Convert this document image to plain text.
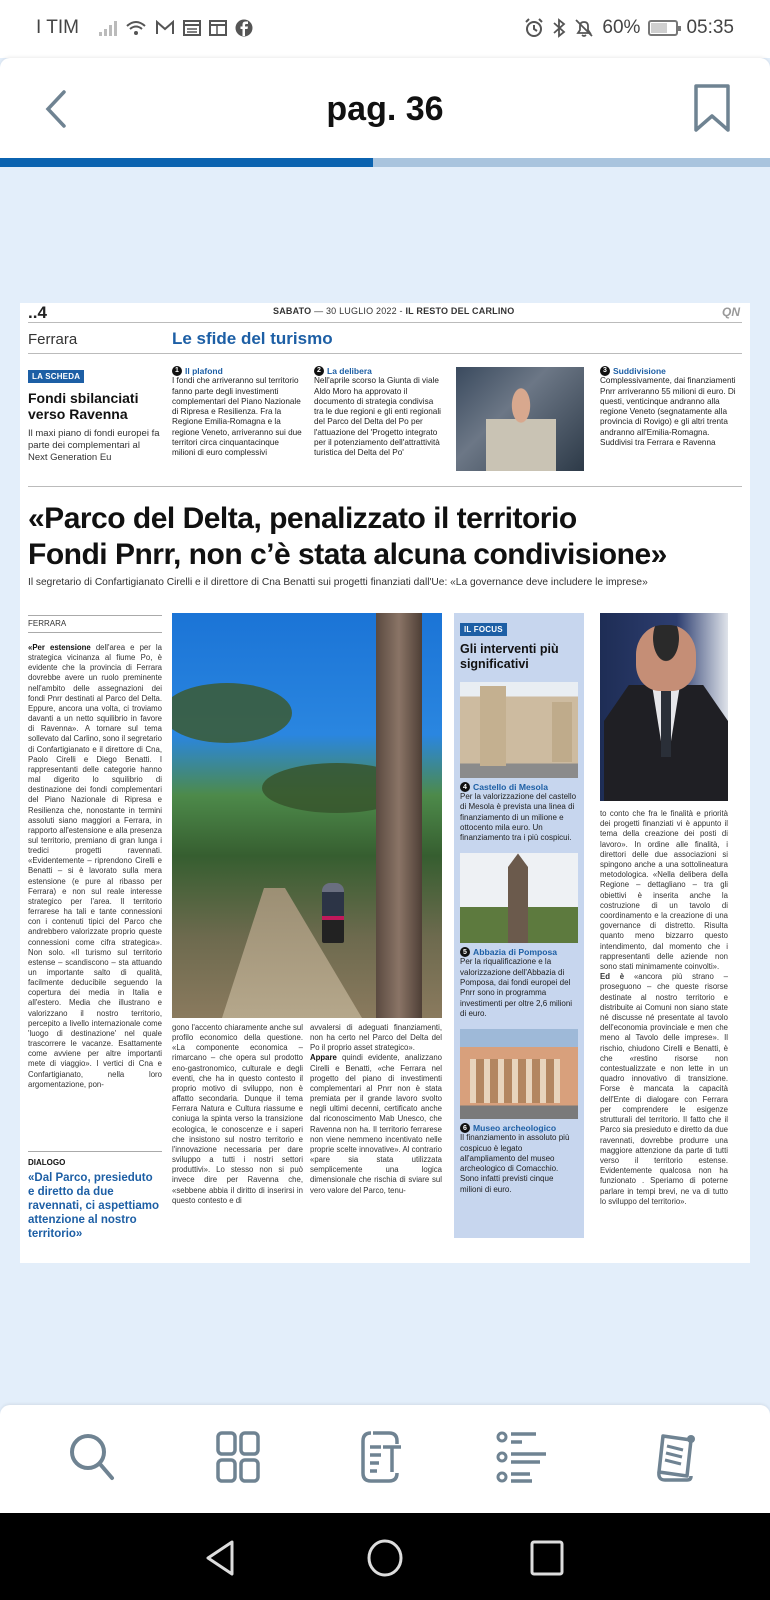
I TIM	60% 05:35
pag. 36
..4	SABATO — 30 LUGLIO 2022 - IL RESTO DEL CARLINO	QN
Ferrara	Le sfide del turismo
LA SCHEDA
Fondi sbilanciati verso Ravenna

Il maxi piano di fondi europei fa parte dei complementari al Next Generation Eu

1 Il plafond
I fondi che arriveranno sul territorio fanno parte degli investimenti complementari del Piano Nazionale di Ripresa e Resilienza. Fra la Regione Emilia-Romagna e la regione Veneto, arriveranno sui due territori circa cinquantacinque milioni di euro complessivi
2 La delibera
Nell'aprile scorso la Giunta di viale Aldo Moro ha approvato il documento di strategia condivisa tra le due regioni e gli enti regionali del Parco del Delta del Po per l'attuazione del 'Progetto integrato per il potenziamento dell'attrattività turistica del Delta del Po'
3 Suddivisione
Complessivamente, dai finanziamenti Pnrr arriveranno 55 milioni di euro. Di questi, venticinque andranno alla regione Veneto (segnatamente alla provincia di Rovigo) e gli altri trenta andranno all'Emilia-Romagna. Suddivisi tra Ferrara e Ravenna
«Parco del Delta, penalizzato il territorio
Fondi Pnrr, non c’è stata alcuna condivisione»
Il segretario di Confartigianato Cirelli e il direttore di Cna Benatti sui progetti finanziati dall'Ue: «La governance deve includere le imprese»
FERRARA
«Per estensione dell'area e per la strategica vicinanza al fiume Po, è evidente che la provincia di Ferrara dovrebbe avere un ruolo preminente nell'ambito delle assegnazioni dei fondi Pnrr destinati al Parco del Delta. Eppure, ancora una volta, ci troviamo davanti a un netto squilibrio in favore di Ravenna». A tornare sul tema sollevato dal Carlino, sono il segretario di Confartigianato e il direttore di Cna, Paolo Cirelli e Diego Benatti. I rappresentanti delle categorie hanno mal digerito lo squilibrio di destinazione dei fondi complementari del Piano Nazionale di Ripresa e Resilienza che, nonostante in termini assoluti siano maggiori a Ferrara, in rapporto all'estensione e alla presenza sul territorio, premiano di gran lunga i tredici progetti ravennati. «Evidentemente – riprendono Cirelli e Benatti – si è lavorato sulla mera estensione (e pure al ribasso per Ferrara) e non sul reale interesse strategico per l'area. Il territorio ferrarese ha tali e tante connessioni con i contenuti tipici del Parco che andrebbero valorizzate proprio queste connessioni come cifra strategica». Non solo. «Il turismo sul territorio estense – scandiscono – sta attuando un importante salto di qualità, facilmente deducibile seguendo la copertura dei media in Italia e all'estero. Media che illustrano e valorizzano il nostro territorio, percepito a livello internazionale come 'luogo di destinazione' nel quale trascorrere le vacanze. Esattamente come avviene per altre importanti mete di viaggio». I vertici di Cna e Confartigianato, nella loro argomentazione, pon-
DIALOGO
«Dal Parco, presieduto e diretto da due ravennati, ci aspettiamo attenzione al nostro territorio»
gono l'accento chiaramente anche sul profilo economico della questione. «La componente economica – rimarcano – che opera sul prodotto eno-gastronomico, culturale e degli eventi, che ha in questo contesto il proprio motivo di sviluppo, non è affatto secondaria. Dunque il tema Ferrara Natura e Cultura riassume e coniuga la spinta verso la transizione ecologica, le conoscenze e i saperi che insistono sul nostro territorio e l'innovazione necessaria per dare sviluppo a tutti i nostri settori produttivi». Lo stesso non si può invece dire per Ravenna che, «sebbene abbia il diritto di inserirsi in questo contesto e di
avvalersi di adeguati finanziamenti, non ha certo nel Parco del Delta del Po il proprio asset strategico».
Appare quindi evidente, analizzano Cirelli e Benatti, «che Ferrara nel progetto del piano di investimenti complementari al Pnrr non è stata premiata per il grande lavoro svolto negli ultimi decenni, certificato anche dal riconoscimento Mab Unesco, che Ravenna non ha. Il territorio ferrarese non viene nemmeno incentivato nelle proprie scelte innovative». Al contrario «pare sia stata utilizzata semplicemente una logica dimensionale che rischia di sviare sul vero valore del Parco, tenu-
IL FOCUS
Gli interventi più significativi
4 Castello di Mesola
Per la valorizzazione del castello di Mesola è prevista una linea di finanziamento di un milione e ottocento mila euro. Un finanziamento tra i più cospicui.
5 Abbazia di Pomposa
Per la riqualificazione e la valorizzazione dell'Abbazia di Pomposa, dai fondi europei del Pnrr sono in programma investimenti per oltre 2,6 milioni di euro.
6 Museo archeologico
Il finanziamento in assoluto più cospicuo è legato all'ampliamento del museo archeologico di Comacchio. Sono infatti previsti cinque milioni di euro.
to conto che fra le finalità e priorità dei progetti finanziati vi è appunto il tema della creazione dei posti di lavoro». In ordine alle finalità, i direttori delle due associazioni si spingono anche a una sottolineatura metodologica. «Nella delibera della Regione – dettagliano – tra gli obiettivi è inserita anche la costruzione di un tavolo di coordinamento e la creazione di una governance di distretto. Risulta quanto meno bizzarro questo intendimento, dal momento che i rappresentanti delle aziende non sono stati minimamente coinvolti».
Ed è «ancora più strano – proseguono – che queste risorse destinate al nostro territorio e distribuite ai Comuni non siano state né discusse né presentate al tavolo dell'economia provinciale e men che meno al Tavolo delle imprese». Il rischio, chiudono Cirelli e Benatti, è che «restino risorse non contestualizzate e non lette in un quadro innovativo di transizione. Forse è mancata la capacità dell'Ente di dialogare con Ferrara per comprendere le esigenze strutturali del territorio. Il fatto che il Parco sia presieduto e diretto da due ravennati, dovrebbe produrre una maggiore attenzione da parte di tutti verso il territorio estense. Evidentemente qualcosa non ha funzionato . Speriamo di poterne parlare in tempi brevi, ne va di tutto lo sviluppo del territorio».
